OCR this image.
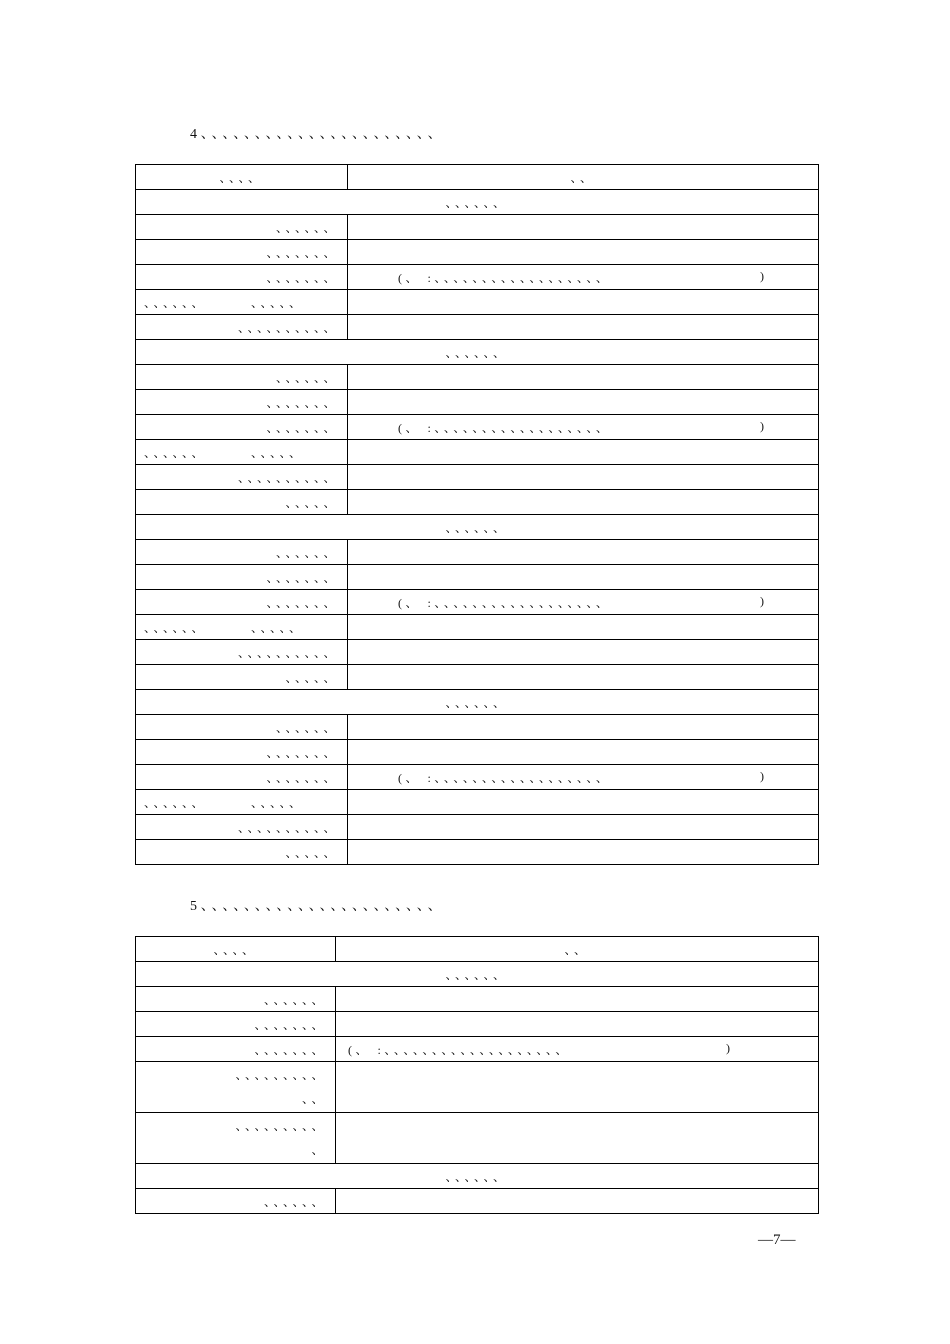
4、、、、、、、、、、、、、、、、、、、、、、
、、、、	、、
、、、、、、	
、、、、、、	
、、、、、、、	
、、、、、、、	(、 :、、、、、、、、、、、、、、、、、、 )

、、、、、、 、、、、、	
、、、、、、、、、、	
、、、、、、	
、、、、、、	
、、、、、、、	
、、、、、、、	(、 :、、、、、、、、、、、、、、、、、、 )

、、、、、、 、、、、、	
、、、、、、、、、、	
、、、、、	
、、、、、、	
、、、、、、	
、、、、、、、	
、、、、、、、	(、 :、、、、、、、、、、、、、、、、、、 )

、、、、、、 、、、、、	
、、、、、、、、、、	
、、、、、	
、、、、、、	
、、、、、、	
、、、、、、、	
、、、、、、、	(、 :、、、、、、、、、、、、、、、、、、 )

、、、、、、 、、、、、	
、、、、、、、、、、	
、、、、、	
5、、、、、、、、、、、、、、、、、、、、、、
、、、、	、、
、、、、、、	
、、、、、、	
、、、、、、、	
、、、、、、、	(、 :、、、、、、、、、、、、、、、、、、、 )

、、、、、、、、、
、、	
、、、、、、、、、
、	
、、、、、、	
、、、、、、	
—7—
